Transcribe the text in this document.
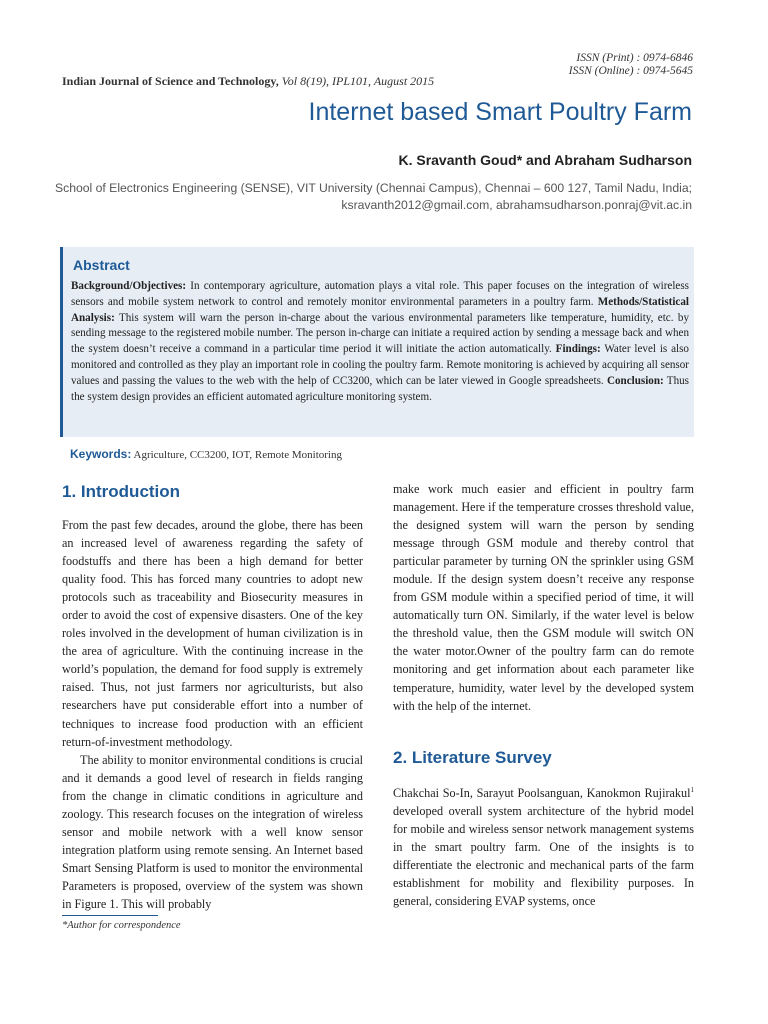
ISSN (Print) : 0974-6846
ISSN (Online) : 0974-5645
Indian Journal of Science and Technology, Vol 8(19), IPL101, August 2015
Internet based Smart Poultry Farm
K. Sravanth Goud* and Abraham Sudharson
School of Electronics Engineering (SENSE), VIT University (Chennai Campus), Chennai – 600 127, Tamil Nadu, India;
ksravanth2012@gmail.com, abrahamsudharson.ponraj@vit.ac.in
Abstract
Background/Objectives: In contemporary agriculture, automation plays a vital role. This paper focuses on the integration of wireless sensors and mobile system network to control and remotely monitor environmental parameters in a poultry farm. Methods/Statistical Analysis: This system will warn the person in-charge about the various environmental parameters like temperature, humidity, etc. by sending message to the registered mobile number. The person in-charge can initiate a required action by sending a message back and when the system doesn’t receive a command in a particular time period it will initiate the action automatically. Findings: Water level is also monitored and controlled as they play an important role in cooling the poultry farm. Remote monitoring is achieved by acquiring all sensor values and passing the values to the web with the help of CC3200, which can be later viewed in Google spreadsheets. Conclusion: Thus the system design provides an efficient automated agriculture monitoring system.
Keywords: Agriculture, CC3200, IOT, Remote Monitoring
1. Introduction

From the past few decades, around the globe, there has been an increased level of awareness regarding the safety of foodstuffs and there has been a high demand for better quality food. This has forced many countries to adopt new protocols such as traceability and Biosecurity measures in order to avoid the cost of expensive disasters. One of the key roles involved in the development of human civilization is in the area of agriculture. With the continuing increase in the world’s population, the demand for food supply is extremely raised. Thus, not just farmers nor agriculturists, but also researchers have put considerable effort into a number of techniques to increase food production with an efficient return-of-investment methodology.

The ability to monitor environmental conditions is crucial and it demands a good level of research in fields ranging from the change in climatic conditions in agriculture and zoology. This research focuses on the integration of wireless sensor and mobile network with a well know sensor integration platform using remote sensing. An Internet based Smart Sensing Platform is used to monitor the environmental Parameters is proposed, overview of the system was shown in Figure 1. This will probably

make work much easier and efficient in poultry farm management. Here if the temperature crosses threshold value, the designed system will warn the person by sending message through GSM module and thereby control that particular parameter by turning ON the sprinkler using GSM module. If the design system doesn’t receive any response from GSM module within a specified period of time, it will automatically turn ON. Similarly, if the water level is below the threshold value, then the GSM module will switch ON the water motor.Owner of the poultry farm can do remote monitoring and get information about each parameter like temperature, humidity, water level by the developed system with the help of the internet.

2. Literature Survey

Chakchai So-In, Sarayut Poolsanguan, Kanokmon Rujirakul$^1$ developed overall system architecture of the hybrid model for mobile and wireless sensor network management systems in the smart poultry farm. One of the insights is to differentiate the electronic and mechanical parts of the farm establishment for mobility and flexibility purposes. In general, considering EVAP systems, once

*Author for correspondence
